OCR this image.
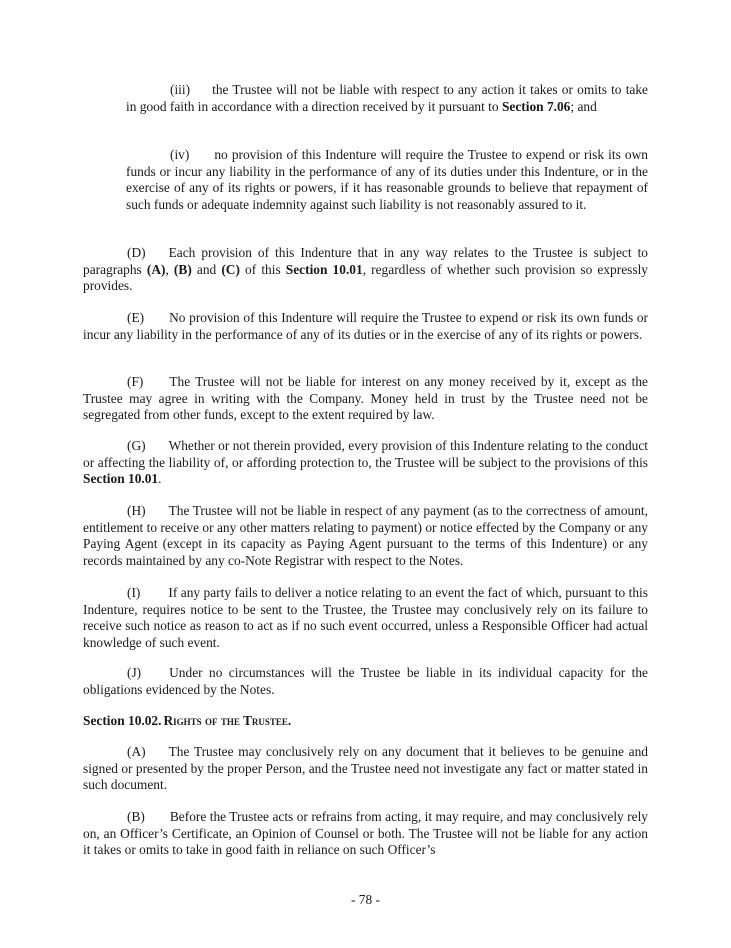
(iii) the Trustee will not be liable with respect to any action it takes or omits to take in good faith in accordance with a direction received by it pursuant to Section 7.06; and

(iv) no provision of this Indenture will require the Trustee to expend or risk its own funds or incur any liability in the performance of any of its duties under this Indenture, or in the exercise of any of its rights or powers, if it has reasonable grounds to believe that repayment of such funds or adequate indemnity against such liability is not reasonably assured to it.

(D) Each provision of this Indenture that in any way relates to the Trustee is subject to paragraphs (A), (B) and (C) of this Section 10.01, regardless of whether such provision so expressly provides.

(E) No provision of this Indenture will require the Trustee to expend or risk its own funds or incur any liability in the performance of any of its duties or in the exercise of any of its rights or powers.

(F) The Trustee will not be liable for interest on any money received by it, except as the Trustee may agree in writing with the Company. Money held in trust by the Trustee need not be segregated from other funds, except to the extent required by law.

(G) Whether or not therein provided, every provision of this Indenture relating to the conduct or affecting the liability of, or affording protection to, the Trustee will be subject to the provisions of this Section 10.01.

(H) The Trustee will not be liable in respect of any payment (as to the correctness of amount, entitlement to receive or any other matters relating to payment) or notice effected by the Company or any Paying Agent (except in its capacity as Paying Agent pursuant to the terms of this Indenture) or any records maintained by any co-Note Registrar with respect to the Notes.

(I) If any party fails to deliver a notice relating to an event the fact of which, pursuant to this Indenture, requires notice to be sent to the Trustee, the Trustee may conclusively rely on its failure to receive such notice as reason to act as if no such event occurred, unless a Responsible Officer had actual knowledge of such event.

(J) Under no circumstances will the Trustee be liable in its individual capacity for the obligations evidenced by the Notes.

Section 10.02. Rights of the Trustee.

(A) The Trustee may conclusively rely on any document that it believes to be genuine and signed or presented by the proper Person, and the Trustee need not investigate any fact or matter stated in such document.

(B) Before the Trustee acts or refrains from acting, it may require, and may conclusively rely on, an Officer’s Certificate, an Opinion of Counsel or both. The Trustee will not be liable for any action it takes or omits to take in good faith in reliance on such Officer’s

- 78 -
